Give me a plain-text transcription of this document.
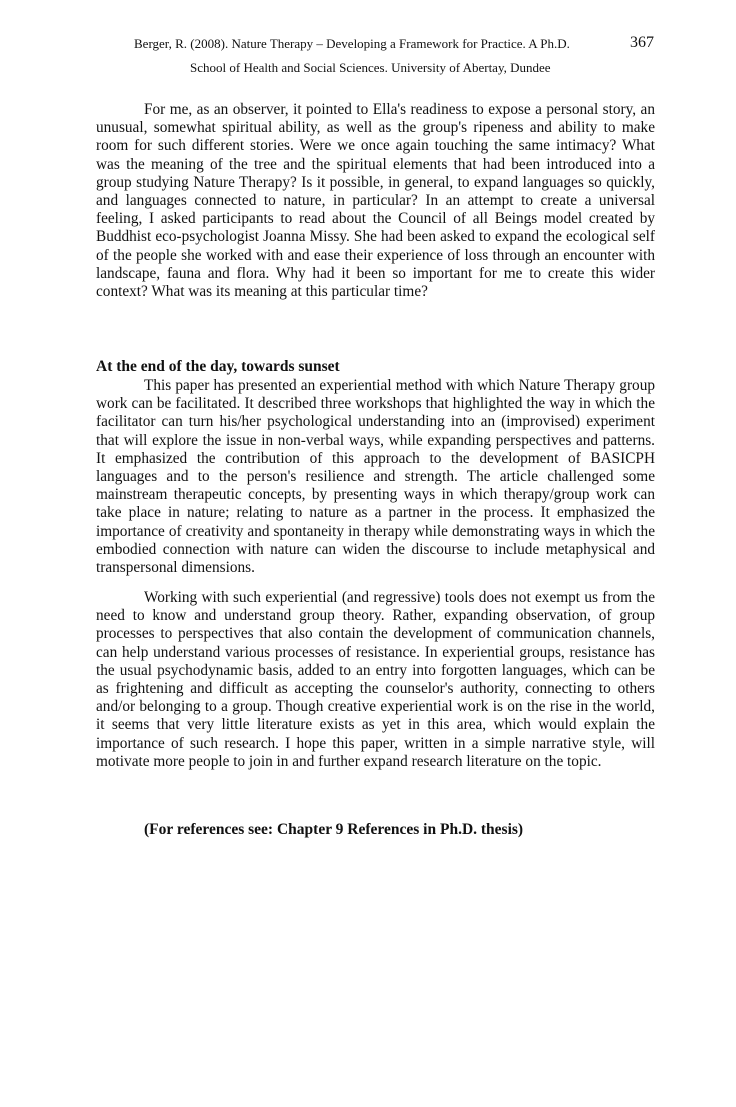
Berger, R. (2008). Nature Therapy – Developing a Framework for Practice. A Ph.D.	367
School of Health and Social Sciences. University of Abertay, Dundee

For me, as an observer, it pointed to Ella's readiness to expose a personal story, an unusual, somewhat spiritual ability, as well as the group's ripeness and ability to make room for such different stories. Were we once again touching the same intimacy? What was the meaning of the tree and the spiritual elements that had been introduced into a group studying Nature Therapy? Is it possible, in general, to expand languages so quickly, and languages connected to nature, in particular? In an attempt to create a universal feeling, I asked participants to read about the Council of all Beings model created by Buddhist eco-psychologist Joanna Missy. She had been asked to expand the ecological self of the people she worked with and ease their experience of loss through an encounter with landscape, fauna and flora. Why had it been so important for me to create this wider context? What was its meaning at this particular time?

At the end of the day, towards sunset

This paper has presented an experiential method with which Nature Therapy group work can be facilitated. It described three workshops that highlighted the way in which the facilitator can turn his/her psychological understanding into an (improvised) experiment that will explore the issue in non-verbal ways, while expanding perspectives and patterns. It emphasized the contribution of this approach to the development of BASICPH languages and to the person's resilience and strength. The article challenged some mainstream therapeutic concepts, by presenting ways in which therapy/group work can take place in nature; relating to nature as a partner in the process. It emphasized the importance of creativity and spontaneity in therapy while demonstrating ways in which the embodied connection with nature can widen the discourse to include metaphysical and transpersonal dimensions.

Working with such experiential (and regressive) tools does not exempt us from the need to know and understand group theory. Rather, expanding observation, of group processes to perspectives that also contain the development of communication channels, can help understand various processes of resistance. In experiential groups, resistance has the usual psychodynamic basis, added to an entry into forgotten languages, which can be as frightening and difficult as accepting the counselor's authority, connecting to others and/or belonging to a group. Though creative experiential work is on the rise in the world, it seems that very little literature exists as yet in this area, which would explain the importance of such research. I hope this paper, written in a simple narrative style, will motivate more people to join in and further expand research literature on the topic.

(For references see: Chapter 9 References in Ph.D. thesis)
